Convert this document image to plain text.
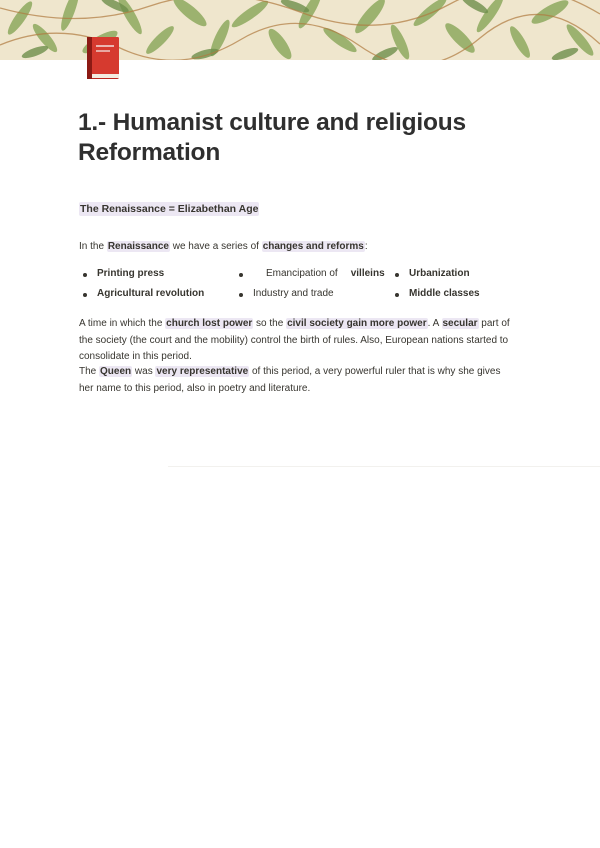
1.- Humanist culture and religious Reformation
The Renaissance = Elizabethan Age
In the Renaissance we have a series of changes and reforms:
Printing press	Emancipation ofvilleins	Urbanization
Agricultural revolution	Industry and trade	Middle classes
A time in which the church lost power so the civil society gain more power. A secular part of the society (the court and the mobility) control the birth of rules. Also, European nations started to consolidate in this period.
The Queen was very representative of this period, a very powerful ruler that is why she gives her name to this period, also in poetry and literature.
